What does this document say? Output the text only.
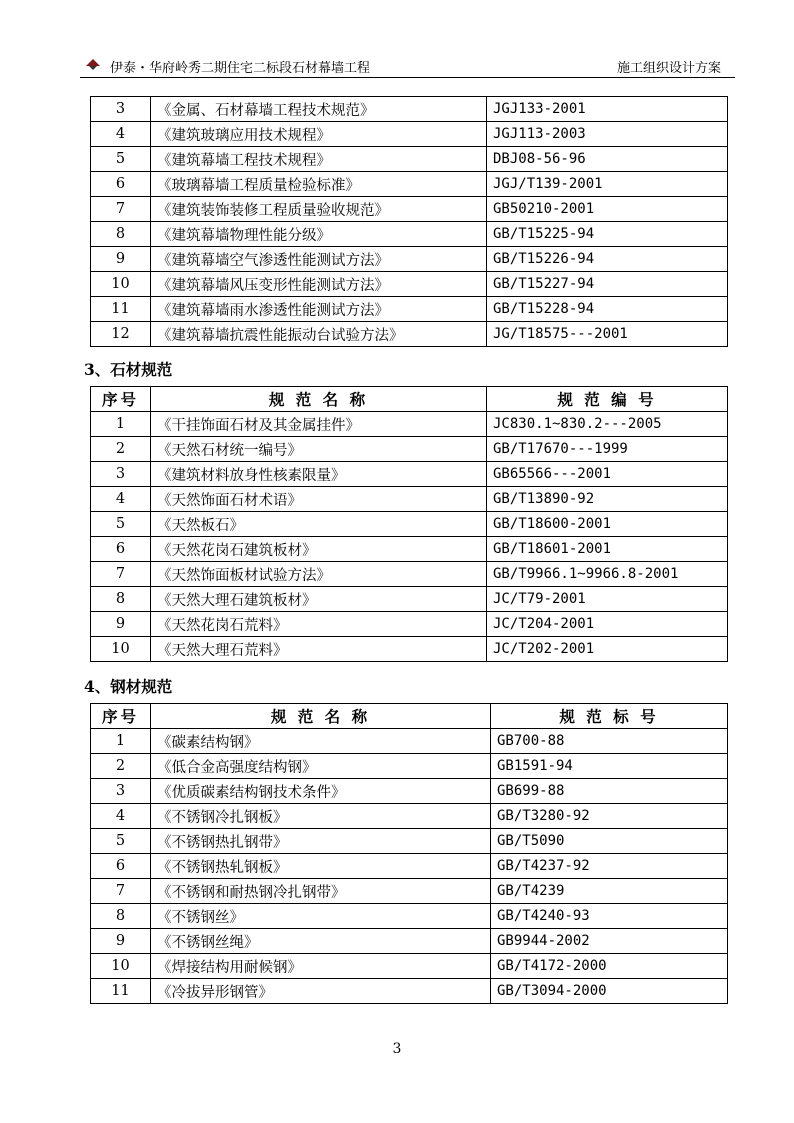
伊泰・华府岭秀二期住宅二标段石材幕墙工程	施工组织设计方案
3	《金属、石材幕墙工程技术规范》	JGJ133-2001
4	《建筑玻璃应用技术规程》	JGJ113-2003
5	《建筑幕墙工程技术规程》	DBJ08-56-96
6	《玻璃幕墙工程质量检验标准》	JGJ/T139-2001
7	《建筑装饰装修工程质量验收规范》	GB50210-2001
8	《建筑幕墙物理性能分级》	GB/T15225-94
9	《建筑幕墙空气渗透性能测试方法》	GB/T15226-94
10	《建筑幕墙风压变形性能测试方法》	GB/T15227-94
11	《建筑幕墙雨水渗透性能测试方法》	GB/T15228-94
12	《建筑幕墙抗震性能振动台试验方法》	JG/T18575---2001
3、石材规范
序号	规 范 名 称	规 范 编 号
1	《干挂饰面石材及其金属挂件》	JC830.1~830.2---2005
2	《天然石材统一编号》	GB/T17670---1999
3	《建筑材料放身性核素限量》	GB65566---2001
4	《天然饰面石材术语》	GB/T13890-92
5	《天然板石》	GB/T18600-2001
6	《天然花岗石建筑板材》	GB/T18601-2001
7	《天然饰面板材试验方法》	GB/T9966.1~9966.8-2001
8	《天然大理石建筑板材》	JC/T79-2001
9	《天然花岗石荒料》	JC/T204-2001
10	《天然大理石荒料》	JC/T202-2001
4、钢材规范
序号	规 范 名 称	规 范 标 号
1	《碳素结构钢》	GB700-88
2	《低合金高强度结构钢》	GB1591-94
3	《优质碳素结构钢技术条件》	GB699-88
4	《不锈钢冷扎钢板》	GB/T3280-92
5	《不锈钢热扎钢带》	GB/T5090
6	《不锈钢热轧钢板》	GB/T4237-92
7	《不锈钢和耐热钢冷扎钢带》	GB/T4239
8	《不锈钢丝》	GB/T4240-93
9	《不锈钢丝绳》	GB9944-2002
10	《焊接结构用耐候钢》	GB/T4172-2000
11	《冷拔异形钢管》	GB/T3094-2000
3
